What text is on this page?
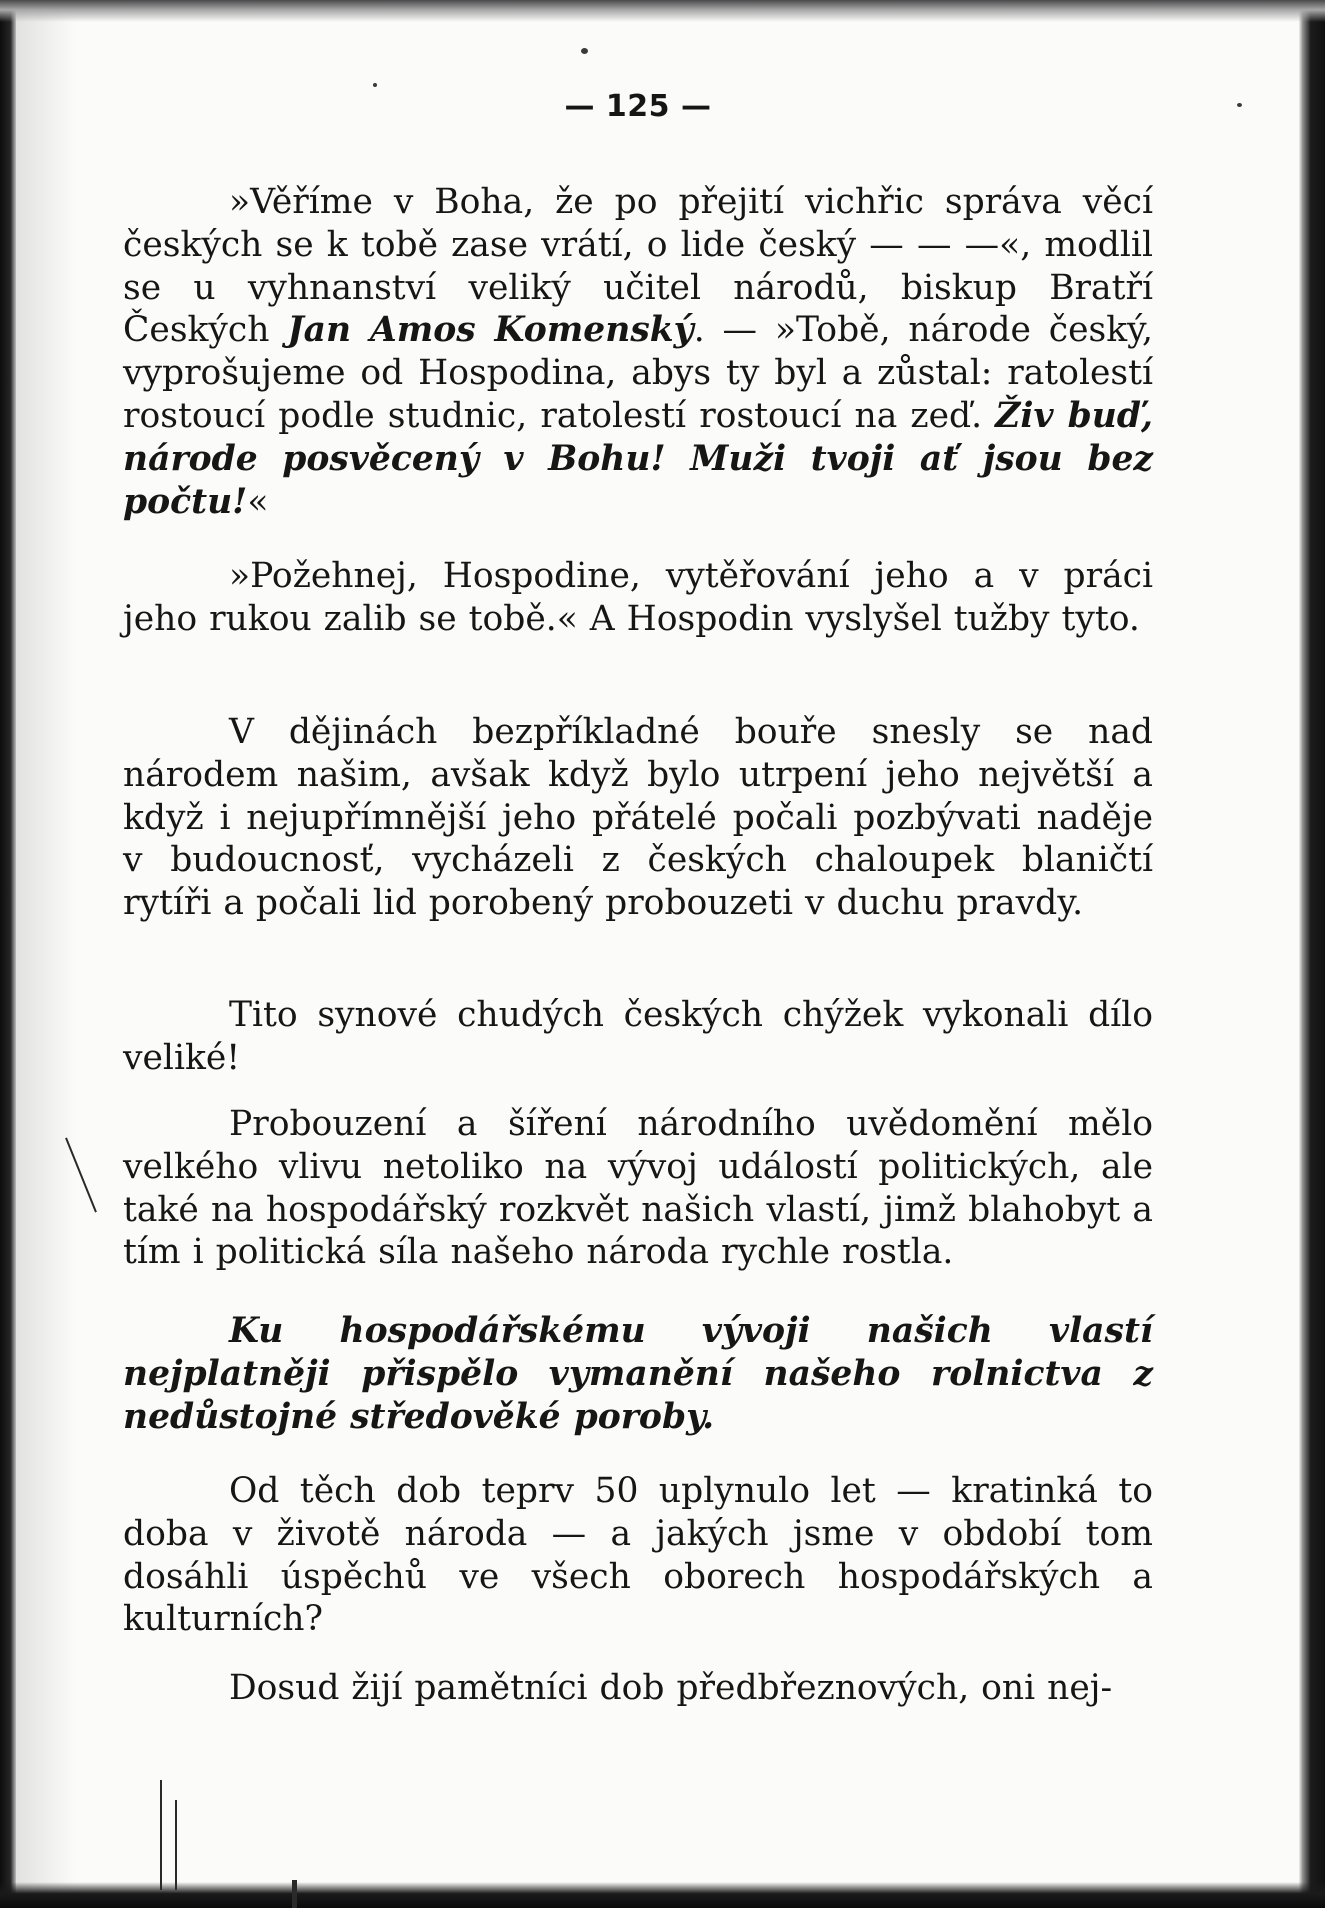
— 125 —

»Věříme v Boha, že po přejití vichřic správa věcí českých se k tobě zase vrátí, o lide český — — —«, modlil se u vyhnanství veliký učitel národů, biskup Bratří Českých Jan Amos Komenský. — »Tobě, národe český, vyprošujeme od Hospodina, abys ty byl a zůstal: ratolestí rostoucí podle studnic, ratolestí rostoucí na zeď. Živ buď, národe posvěcený v Bohu! Muži tvoji ať jsou bez počtu!«

»Požehnej, Hospodine, vytěřování jeho a v práci jeho rukou zalib se tobě.« A Hospodin vyslyšel tužby tyto.

V dějinách bezpříkladné bouře snesly se nad národem našim, avšak když bylo utrpení jeho největší a když i nejupřímnější jeho přátelé počali pozbývati naděje v budoucnosť, vycházeli z českých chaloupek blaničtí rytíři a počali lid porobený probouzeti v duchu pravdy.

Tito synové chudých českých chýžek vykonali dílo veliké!

Probouzení a šíření národního uvědomění mělo velkého vlivu netoliko na vývoj událostí politických, ale také na hospodářský rozkvět našich vlastí, jimž blahobyt a tím i politická síla našeho národa rychle rostla.

Ku hospodářskému vývoji našich vlastí nejplatněji přispělo vymanění našeho rolnictva z nedůstojné středověké poroby.

Od těch dob teprv 50 uplynulo let — kratinká to doba v životě národa — a jakých jsme v období tom dosáhli úspěchů ve všech oborech hospodářských a kulturních?

Dosud žijí pamětníci dob předbřeznových, oni nej-
